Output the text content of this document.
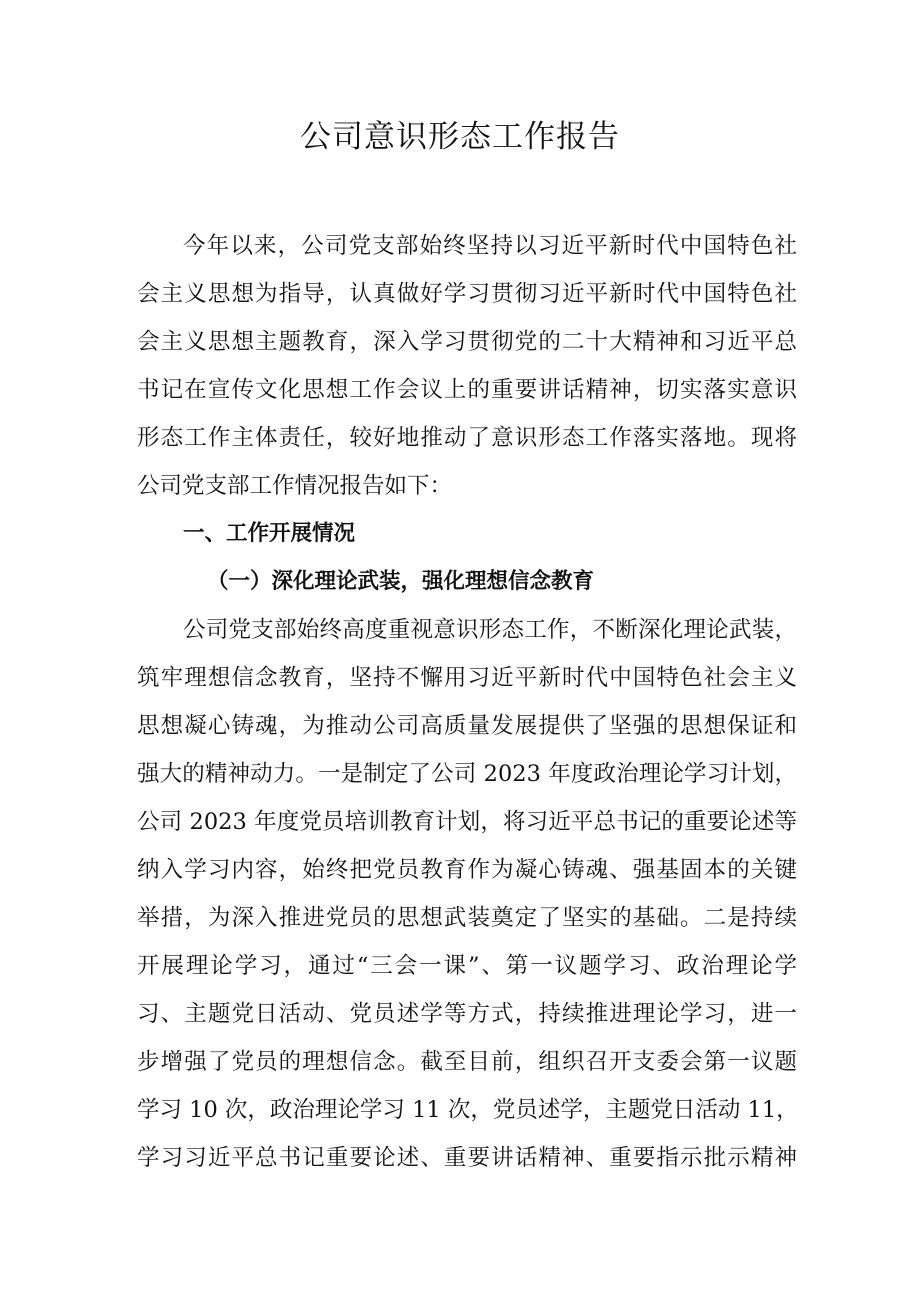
公司意识形态工作报告
今年以来，公司党支部始终坚持以习近平新时代中国特色社
会主义思想为指导，认真做好学习贯彻习近平新时代中国特色社
会主义思想主题教育，深入学习贯彻党的二十大精神和习近平总
书记在宣传文化思想工作会议上的重要讲话精神，切实落实意识
形态工作主体责任，较好地推动了意识形态工作落实落地。现将
公司党支部工作情况报告如下：
一、工作开展情况
（一）深化理论武装，强化理想信念教育
公司党支部始终高度重视意识形态工作，不断深化理论武装，
筑牢理想信念教育，坚持不懈用习近平新时代中国特色社会主义
思想凝心铸魂，为推动公司高质量发展提供了坚强的思想保证和
强大的精神动力。一是制定了公司 2023 年度政治理论学习计划，
公司 2023 年度党员培训教育计划，将习近平总书记的重要论述等
纳入学习内容，始终把党员教育作为凝心铸魂、强基固本的关键
举措，为深入推进党员的思想武装奠定了坚实的基础。二是持续
开展理论学习，通过“三会一课”、第一议题学习、政治理论学
习、主题党日活动、党员述学等方式，持续推进理论学习，进一
步增强了党员的理想信念。截至目前，组织召开支委会第一议题
学习 10 次，政治理论学习 11 次，党员述学，主题党日活动 11，
学习习近平总书记重要论述、重要讲话精神、重要指示批示精神
